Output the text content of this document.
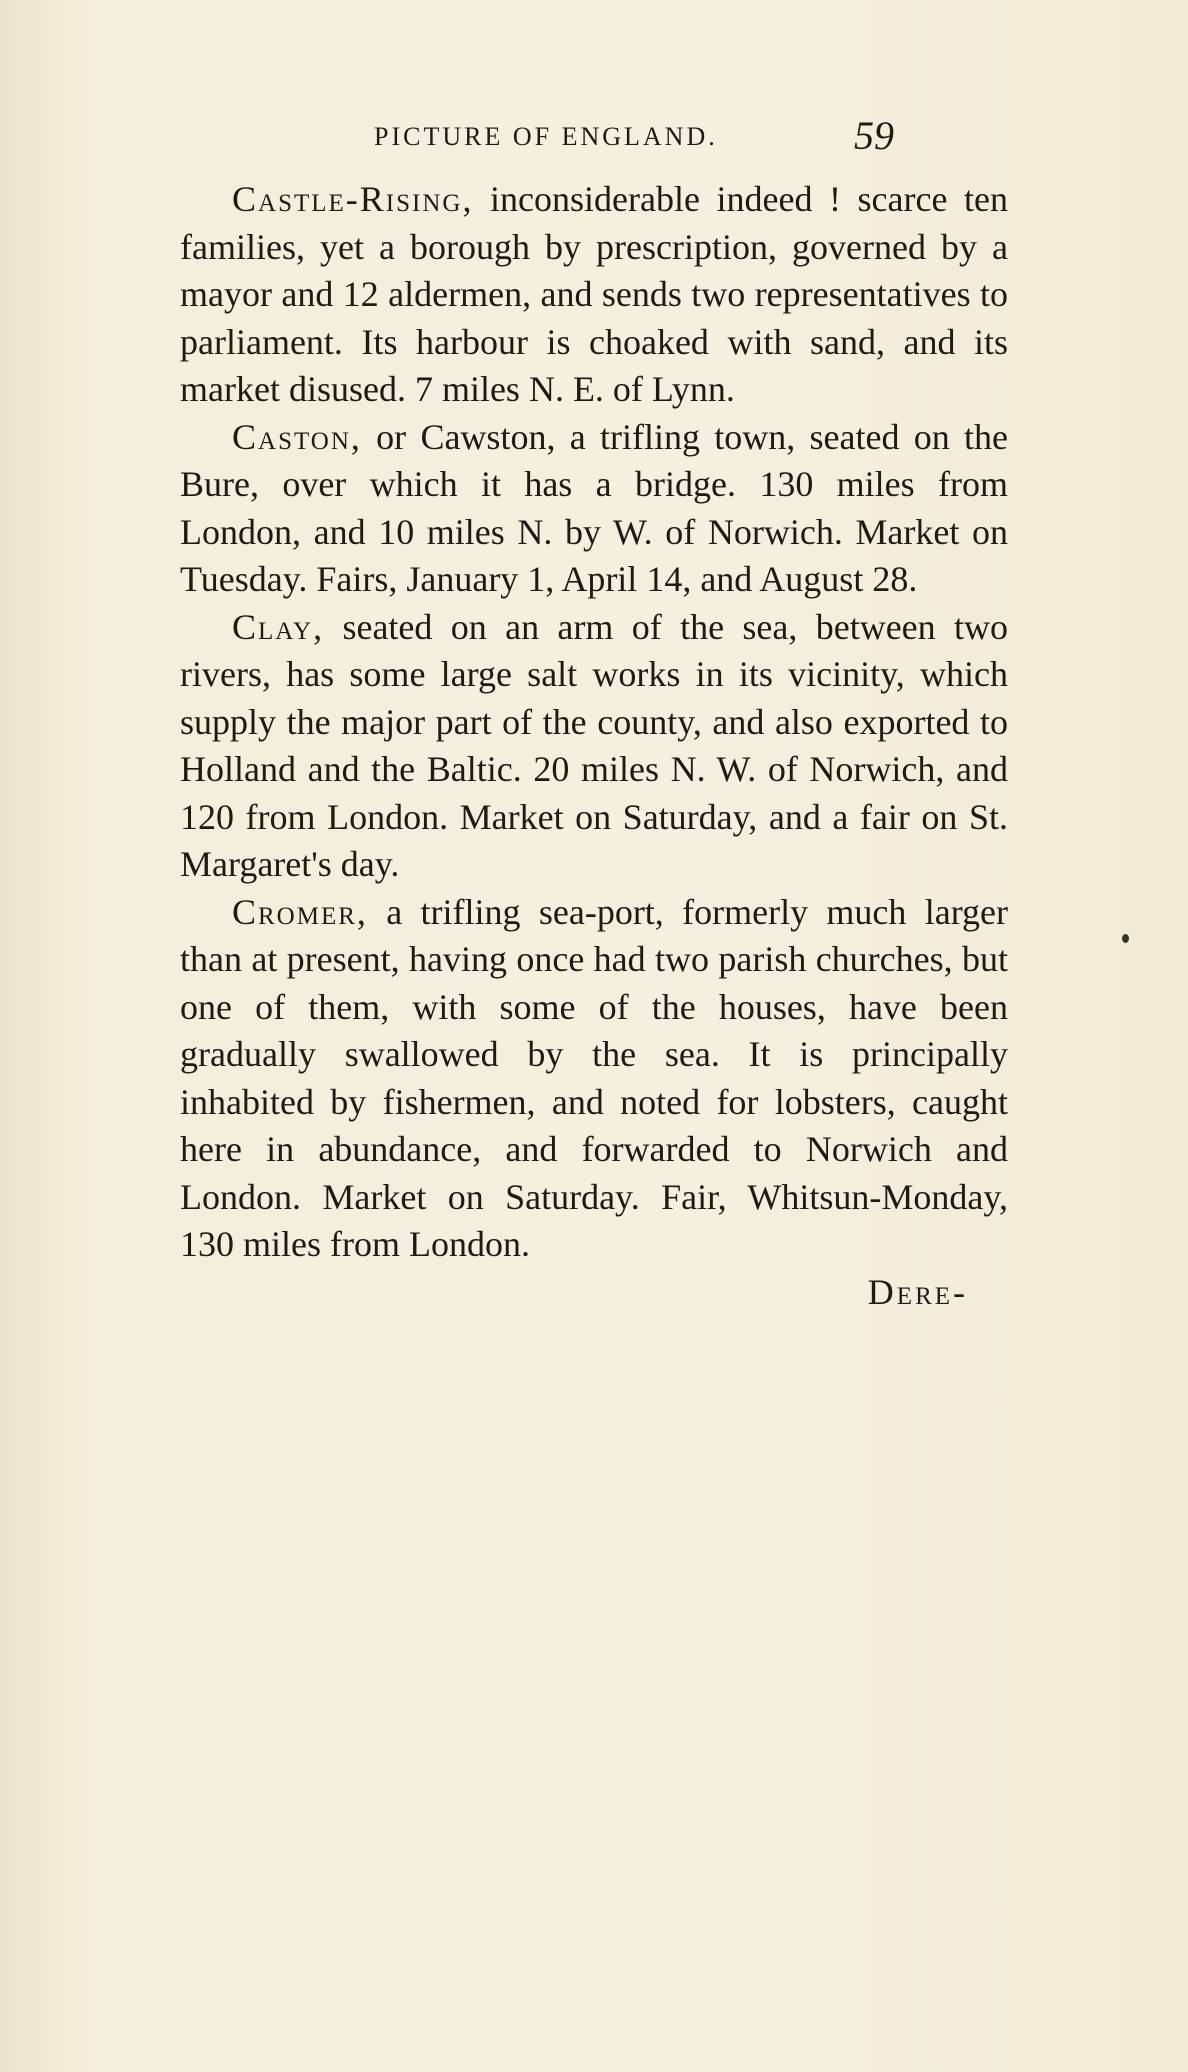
PICTURE OF ENGLAND.	59

Castle-Rising, inconsiderable indeed ! scarce ten families, yet a borough by prescription, governed by a mayor and 12 aldermen, and sends two representatives to parliament. Its harbour is choaked with sand, and its market disused. 7 miles N. E. of Lynn.

Caston, or Cawston, a trifling town, seated on the Bure, over which it has a bridge. 130 miles from London, and 10 miles N. by W. of Norwich. Market on Tuesday. Fairs, January 1, April 14, and August 28.

Clay, seated on an arm of the sea, between two rivers, has some large salt works in its vicinity, which supply the major part of the county, and also exported to Holland and the Baltic. 20 miles N. W. of Norwich, and 120 from London. Market on Saturday, and a fair on St. Margaret's day.

Cromer, a trifling sea-port, formerly much larger than at present, having once had two parish churches, but one of them, with some of the houses, have been gradually swallowed by the sea. It is principally inhabited by fishermen, and noted for lobsters, caught here in abundance, and forwarded to Norwich and London. Market on Saturday. Fair, Whitsun-Monday, 130 miles from London.

Dere-
